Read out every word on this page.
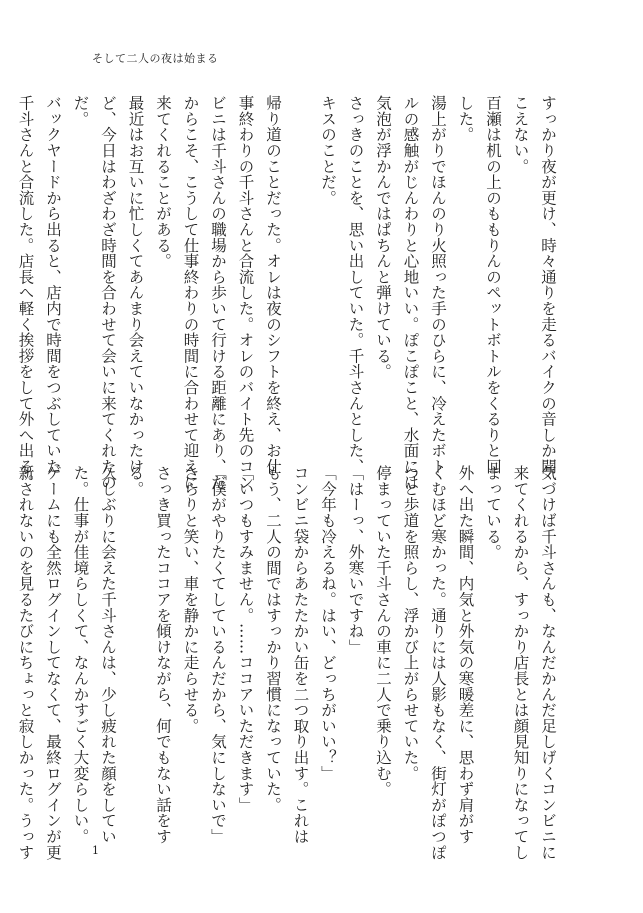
そして二人の夜は始まる

すっかり夜が更け、時々通りを走るバイクの音しか聞

こえない。

百瀬は机の上のももりんのペットボトルをくるりと回

した。

湯上がりでほんのり火照った手のひらに、冷えたボト

ルの感触がじんわりと心地いい。ぽこぽこと、水面には

気泡が浮かんではぱちんと弾けている。

さっきのことを、思い出していた。千斗さんとした、

キスのことだ。

帰り道のことだった。オレは夜のシフトを終え、お仕

事終わりの千斗さんと合流した。オレのバイト先のコン

ビニは千斗さんの職場から歩いて行ける距離にあり、だ

からこそ、こうして仕事終わりの時間に合わせて迎えに

来てくれることがある。

最近はお互いに忙しくてあんまり会えていなかったけ

ど、今日はわざわざ時間を合わせて会いに来てくれたの

だ。

バックヤードから出ると、店内で時間をつぶしていた

千斗さんと合流した。店長へ軽く挨拶をして外へ出る。

気づけば千斗さんも、なんだかんだ足しげくコンビニに

来てくれるから、すっかり店長とは顔見知りになってし

まっている。

外へ出た瞬間、内気と外気の寒暖差に、思わず肩がす

くむほど寒かった。通りには人影もなく、街灯がぽつぽ

つと歩道を照らし、浮かび上がらせていた。

停まっていた千斗さんの車に二人で乗り込む。

「はーっ、外寒いですね」

「今年も冷えるね。はい、どっちがいい？」

コンビニ袋からあたたかい缶を二つ取り出す。これは

もう、二人の間ではすっかり習慣になっていた。

「いつもすみません。……ココアいただきます」

「僕がやりたくてしているんだから、気にしないで」

さらりと笑い、車を静かに走らせる。

さっき買ったココアを傾けながら、何でもない話をす

る。

久しぶりに会えた千斗さんは、少し疲れた顔をしてい

た。仕事が佳境らしくて、なんかすごく大変らしい。

ゲームにも全然ログインしてなくて、最終ログインが更

新されないのを見るたびにちょっと寂しかった。うっす	1
